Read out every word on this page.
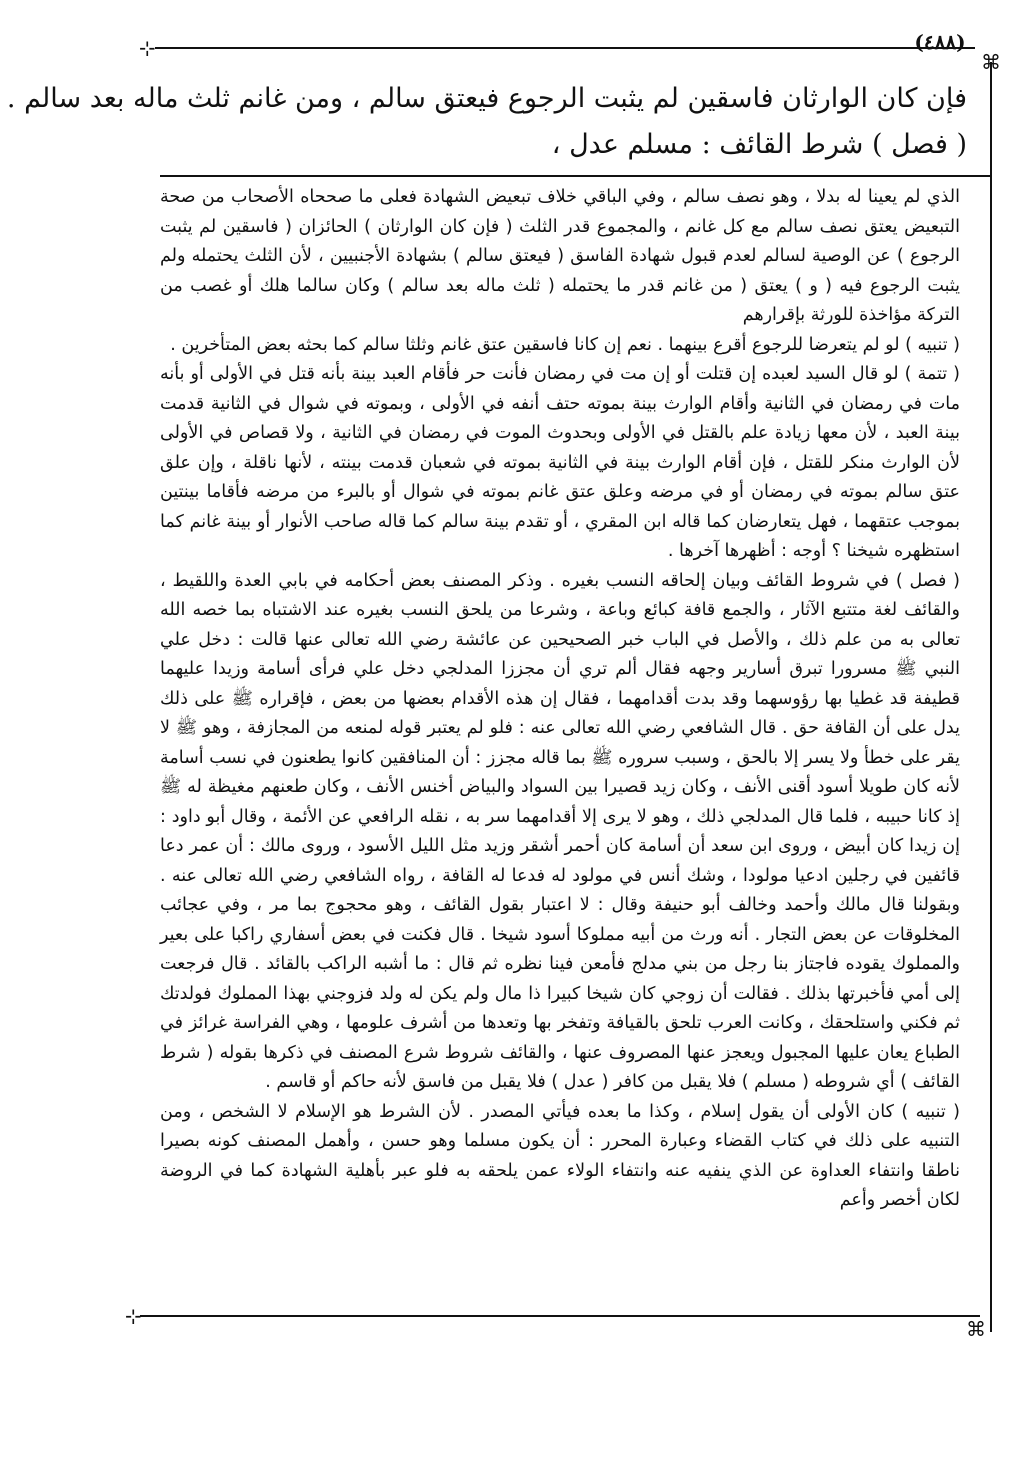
⊹
⌘
⊹
⌘
(٤٨٨)
فإن كان الوارثان فاسقين لم يثبت الرجوع فيعتق سالم ، ومن غانم ثلث ماله بعد سالم .
( فصل ) شرط القائف : مسلم عدل ،

الذي لم يعينا له بدلا ، وهو نصف سالم ، وفي الباقي خلاف تبعيض الشهادة فعلى ما صححاه الأصحاب من صحة التبعيض يعتق نصف سالم مع كل غانم ، والمجموع قدر الثلث ( فإن كان الوارثان ) الحائزان ( فاسقين لم يثبت الرجوع ) عن الوصية لسالم لعدم قبول شهادة الفاسق ( فيعتق سالم ) بشهادة الأجنبيين ، لأن الثلث يحتمله ولم يثبت الرجوع فيه ( و ) يعتق ( من غانم قدر ما يحتمله ( ثلث ماله بعد سالم ) وكان سالما هلك أو غصب من التركة مؤاخذة للورثة بإقرارهم

( تنبيه ) لو لم يتعرضا للرجوع أقرع بينهما . نعم إن كانا فاسقين عتق غانم وثلثا سالم كما بحثه بعض المتأخرين .

( تتمة ) لو قال السيد لعبده إن قتلت أو إن مت في رمضان فأنت حر فأقام العبد بينة بأنه قتل في الأولى أو بأنه مات في رمضان في الثانية وأقام الوارث بينة بموته حتف أنفه في الأولى ، وبموته في شوال في الثانية قدمت بينة العبد ، لأن معها زيادة علم بالقتل في الأولى وبحدوث الموت في رمضان في الثانية ، ولا قصاص في الأولى لأن الوارث منكر للقتل ، فإن أقام الوارث بينة في الثانية بموته في شعبان قدمت بينته ، لأنها ناقلة ، وإن علق عتق سالم بموته في رمضان أو في مرضه وعلق عتق غانم بموته في شوال أو بالبرء من مرضه فأقاما بينتين بموجب عتقهما ، فهل يتعارضان كما قاله ابن المقري ، أو تقدم بينة سالم كما قاله صاحب الأنوار أو بينة غانم كما استظهره شيخنا ؟ أوجه : أظهرها آخرها .

( فصل ) في شروط القائف وبيان إلحاقه النسب بغيره . وذكر المصنف بعض أحكامه في بابي العدة واللقيط ، والقائف لغة متتبع الآثار ، والجمع قافة كبائع وباعة ، وشرعا من يلحق النسب بغيره عند الاشتباه بما خصه الله تعالى به من علم ذلك ، والأصل في الباب خبر الصحيحين عن عائشة رضي الله تعالى عنها قالت : دخل علي النبي ﷺ مسرورا تبرق أسارير وجهه فقال ألم تري أن مجززا المدلجي دخل علي فرأى أسامة وزيدا عليهما قطيفة قد غطيا بها رؤوسهما وقد بدت أقدامهما ، فقال إن هذه الأقدام بعضها من بعض ، فإقراره ﷺ على ذلك يدل على أن القافة حق . قال الشافعي رضي الله تعالى عنه : فلو لم يعتبر قوله لمنعه من المجازفة ، وهو ﷺ لا يقر على خطأ ولا يسر إلا بالحق ، وسبب سروره ﷺ بما قاله مجزز : أن المنافقين كانوا يطعنون في نسب أسامة لأنه كان طويلا أسود أقنى الأنف ، وكان زيد قصيرا بين السواد والبياض أخنس الأنف ، وكان طعنهم مغيظة له ﷺ إذ كانا حبيبه ، فلما قال المدلجي ذلك ، وهو لا يرى إلا أقدامهما سر به ، نقله الرافعي عن الأئمة ، وقال أبو داود : إن زيدا كان أبيض ، وروى ابن سعد أن أسامة كان أحمر أشقر وزيد مثل الليل الأسود ، وروى مالك : أن عمر دعا قائفين في رجلين ادعيا مولودا ، وشك أنس في مولود له فدعا له القافة ، رواه الشافعي رضي الله تعالى عنه . وبقولنا قال مالك وأحمد وخالف أبو حنيفة وقال : لا اعتبار بقول القائف ، وهو محجوج بما مر ، وفي عجائب المخلوقات عن بعض التجار . أنه ورث من أبيه مملوكا أسود شيخا . قال فكنت في بعض أسفاري راكبا على بعير والمملوك يقوده فاجتاز بنا رجل من بني مدلج فأمعن فينا نظره ثم قال : ما أشبه الراكب بالقائد . قال فرجعت إلى أمي فأخبرتها بذلك . فقالت أن زوجي كان شيخا كبيرا ذا مال ولم يكن له ولد فزوجني بهذا المملوك فولدتك ثم فكني واستلحقك ، وكانت العرب تلحق بالقيافة وتفخر بها وتعدها من أشرف علومها ، وهي الفراسة غرائز في الطباع يعان عليها المجبول ويعجز عنها المصروف عنها ، والقائف شروط شرع المصنف في ذكرها بقوله ( شرط القائف ) أي شروطه ( مسلم ) فلا يقبل من كافر ( عدل ) فلا يقبل من فاسق لأنه حاكم أو قاسم .

( تنبيه ) كان الأولى أن يقول إسلام ، وكذا ما بعده فيأتي المصدر . لأن الشرط هو الإسلام لا الشخص ، ومن التنبيه على ذلك في كتاب القضاء وعبارة المحرر : أن يكون مسلما وهو حسن ، وأهمل المصنف كونه بصيرا ناطقا وانتفاء العداوة عن الذي ينفيه عنه وانتفاء الولاء عمن يلحقه به فلو عبر بأهلية الشهادة كما في الروضة لكان أخصر وأعم
